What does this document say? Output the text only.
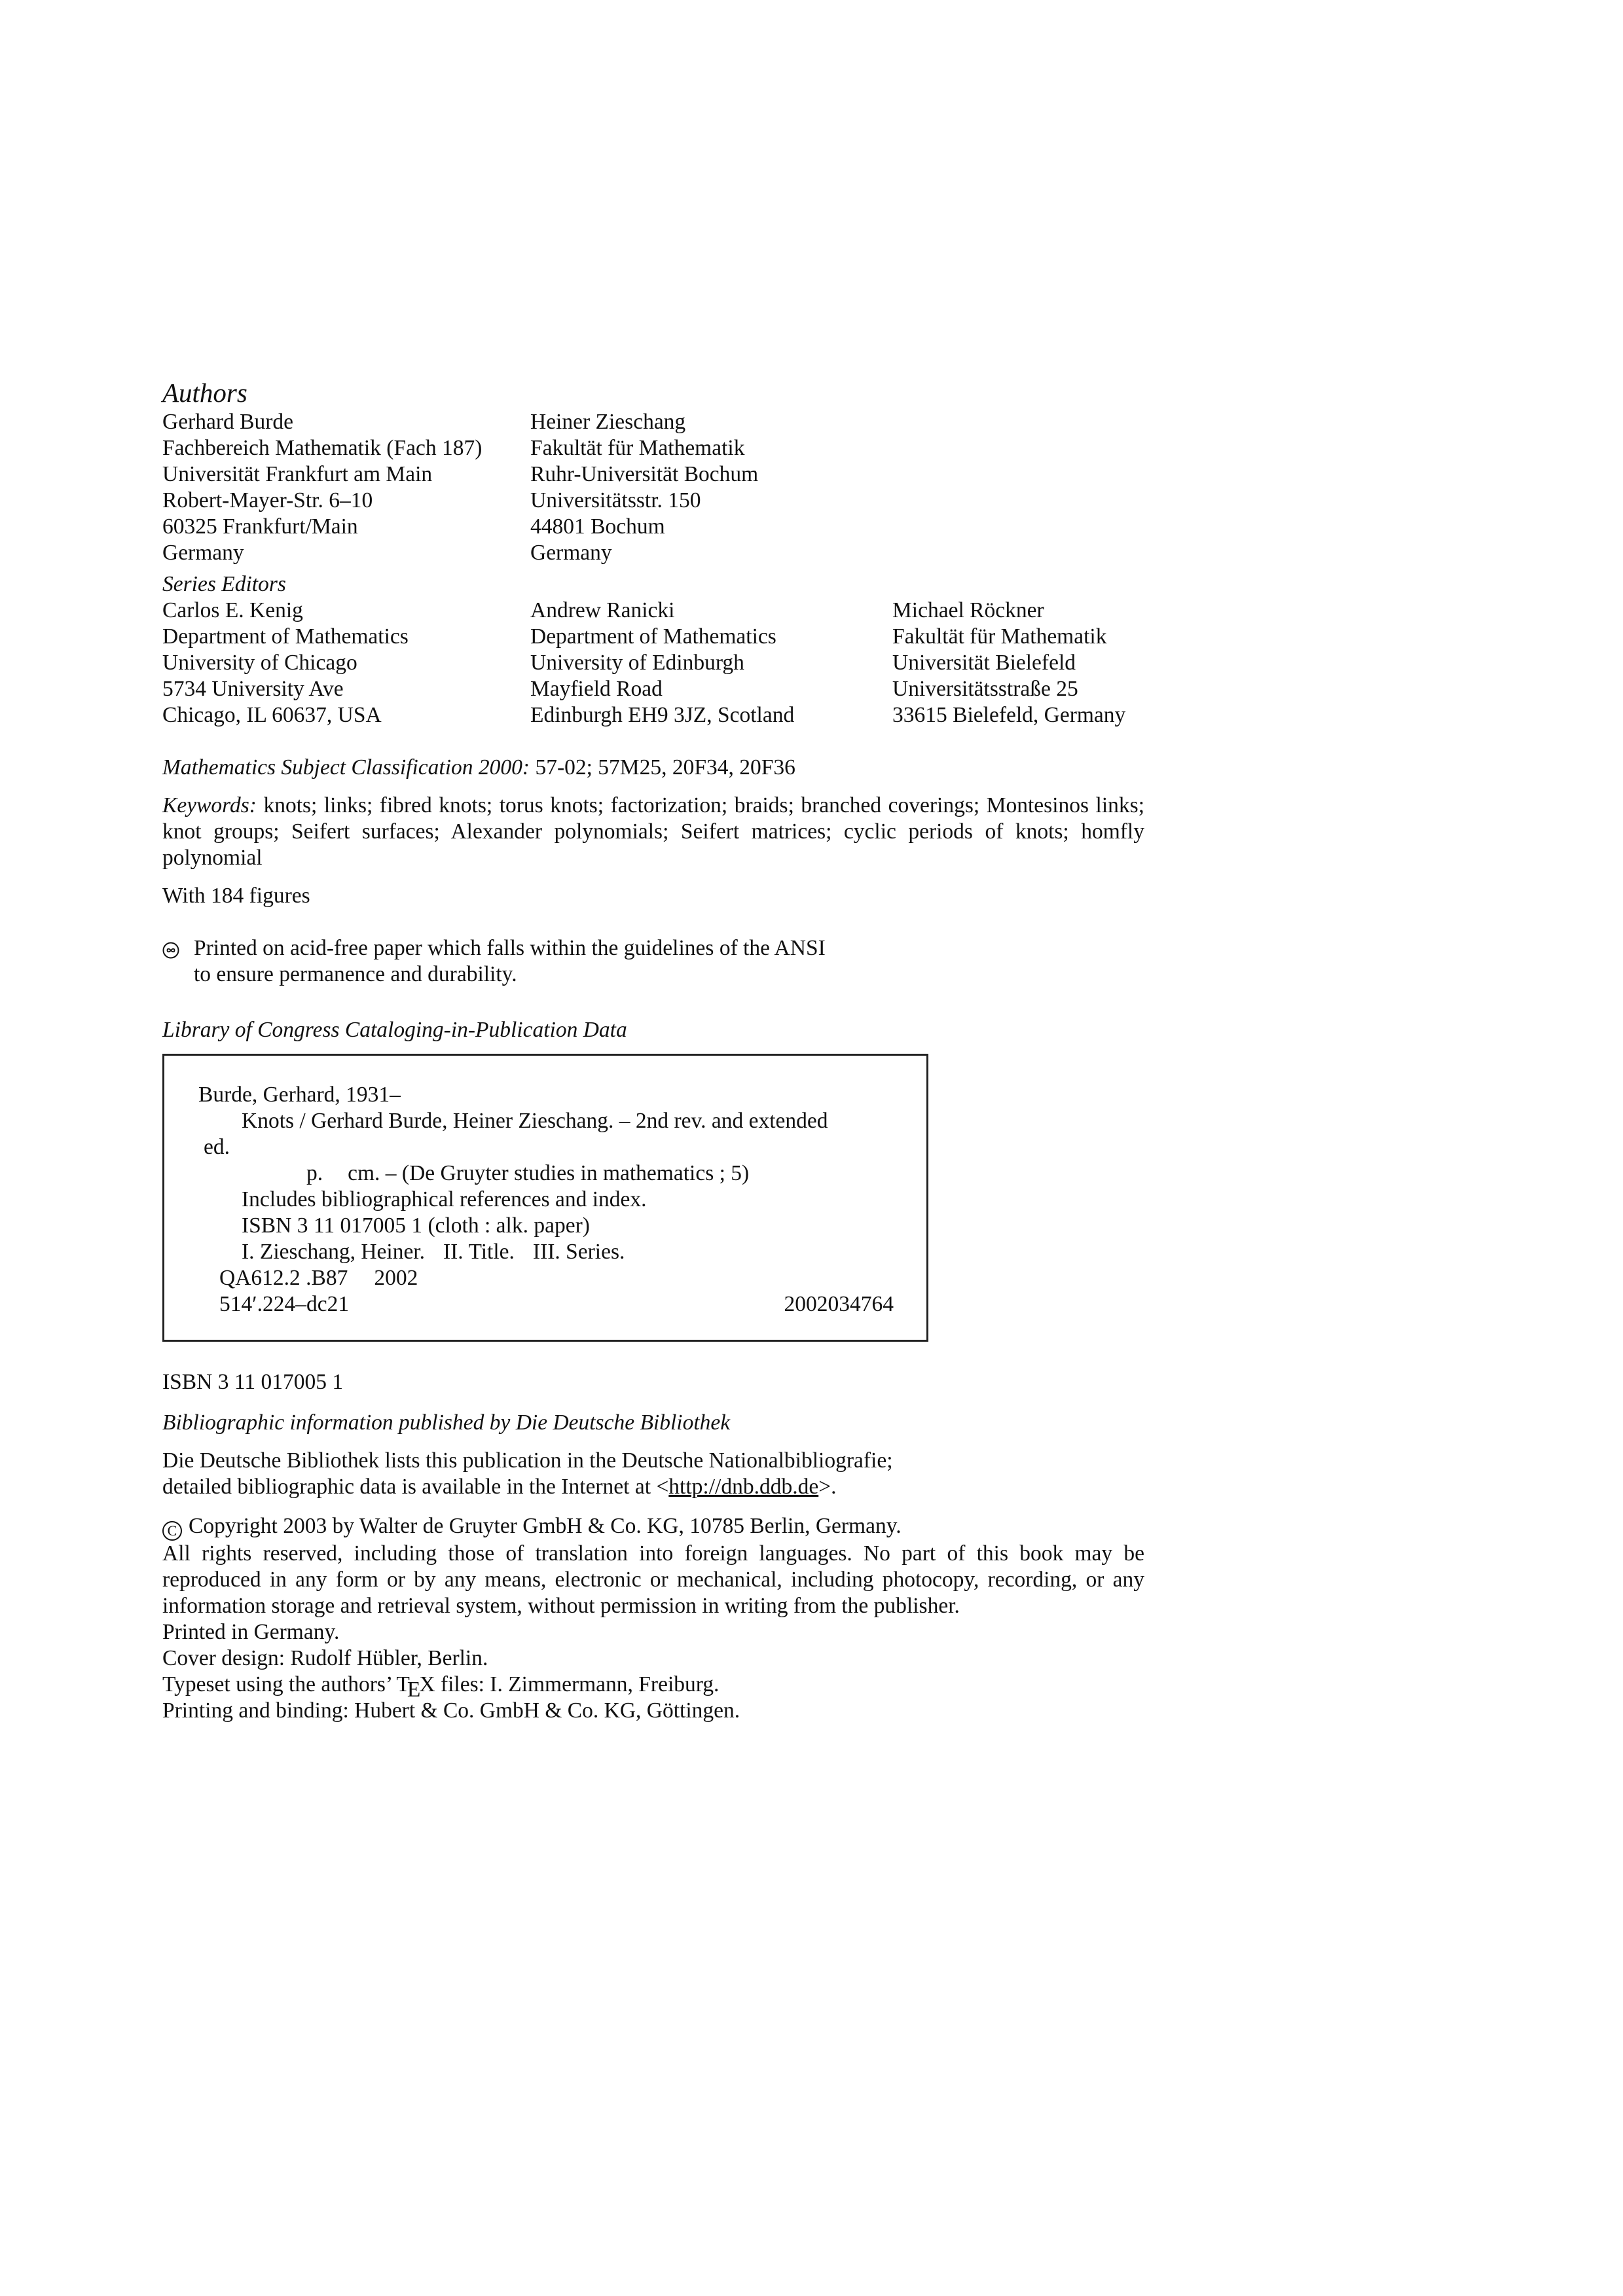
Authors
Gerhard Burde
Fachbereich Mathematik (Fach 187)
Universität Frankfurt am Main
Robert-Mayer-Str. 6–10
60325 Frankfurt/Main
Germany
Heiner Zieschang
Fakultät für Mathematik
Ruhr-Universität Bochum
Universitätsstr. 150
44801 Bochum
Germany
Series Editors
Carlos E. Kenig
Department of Mathematics
University of Chicago
5734 University Ave
Chicago, IL 60637, USA
Andrew Ranicki
Department of Mathematics
University of Edinburgh
Mayfield Road
Edinburgh EH9 3JZ, Scotland
Michael Röckner
Fakultät für Mathematik
Universität Bielefeld
Universitätsstraße 25
33615 Bielefeld, Germany
Mathematics Subject Classification 2000: 57-02; 57M25, 20F34, 20F36
Keywords: knots; links; fibred knots; torus knots; factorization; braids; branched coverings; Montesinos links; knot groups; Seifert surfaces; Alexander polynomials; Seifert matrices; cyclic periods of knots; homfly polynomial
With 184 figures
Printed on acid-free paper which falls within the guidelines of the ANSI
to ensure permanence and durability.
Library of Congress Cataloging-in-Publication Data
Burde, Gerhard, 1931–
Knots / Gerhard Burde, Heiner Zieschang. – 2nd rev. and extended
ed.
p. cm. – (De Gruyter studies in mathematics ; 5)
Includes bibliographical references and index.
ISBN 3 11 017005 1 (cloth : alk. paper)
I. Zieschang, Heiner. II. Title. III. Series.
QA612.2 .B87 2002
514′.224–dc21	2002034764
ISBN 3 11 017005 1
Bibliographic information published by Die Deutsche Bibliothek
Die Deutsche Bibliothek lists this publication in the Deutsche Nationalbibliografie;
detailed bibliographic data is available in the Internet at <http://dnb.ddb.de>.
C Copyright 2003 by Walter de Gruyter GmbH & Co. KG, 10785 Berlin, Germany.
All rights reserved, including those of translation into foreign languages. No part of this book may be reproduced in any form or by any means, electronic or mechanical, including photocopy, recording, or any information storage and retrieval system, without permission in writing from the publisher.
Printed in Germany.
Cover design: Rudolf Hübler, Berlin.
Typeset using the authors’ TEX files: I. Zimmermann, Freiburg.
Printing and binding: Hubert & Co. GmbH & Co. KG, Göttingen.
